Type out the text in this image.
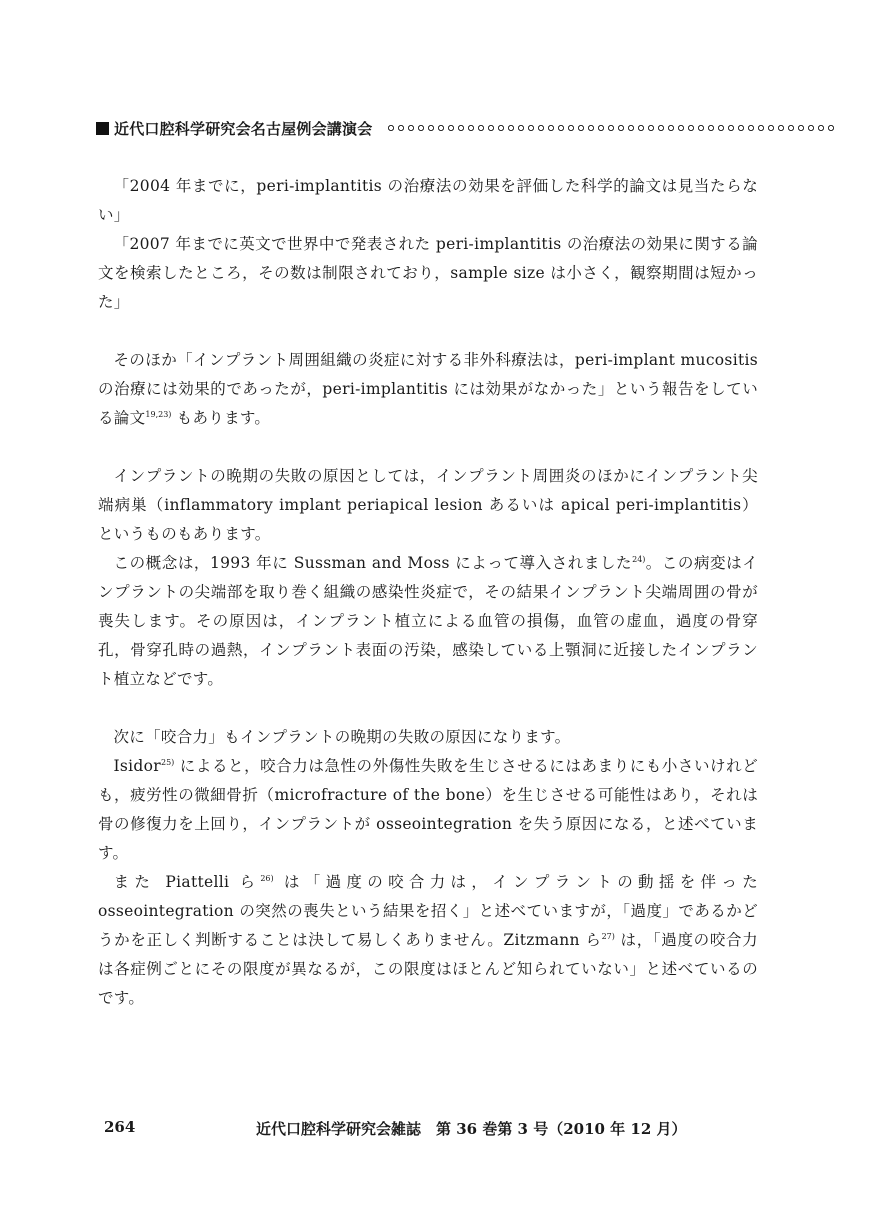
近代口腔科学研究会名古屋例会講演会

「2004 年までに，peri-implantitis の治療法の効果を評価した科学的論文は見当たらない」

「2007 年までに英文で世界中で発表された peri-implantitis の治療法の効果に関する論文を検索したところ，その数は制限されており，sample size は小さく，観察期間は短かった」

そのほか「インプラント周囲組織の炎症に対する非外科療法は，peri-implant mucositis の治療には効果的であったが，peri-implantitis には効果がなかった」という報告をしている論文$^{19,23)}$ もあります。

インプラントの晩期の失敗の原因としては，インプラント周囲炎のほかにインプラント尖端病巣（inflammatory implant periapical lesion あるいは apical peri-implantitis）というものもあります。

この概念は，1993 年に Sussman and Moss によって導入されました$^{24)}$。この病変はインプラントの尖端部を取り巻く組織の感染性炎症で，その結果インプラント尖端周囲の骨が喪失します。その原因は，インプラント植立による血管の損傷，血管の虚血，過度の骨穿孔，骨穿孔時の過熱，インプラント表面の汚染，感染している上顎洞に近接したインプラント植立などです。

次に「咬合力」もインプラントの晩期の失敗の原因になります。

Isidor$^{25)}$ によると，咬合力は急性の外傷性失敗を生じさせるにはあまりにも小さいけれども，疲労性の微細骨折（microfracture of the bone）を生じさせる可能性はあり，それは骨の修復力を上回り，インプラントが osseointegration を失う原因になる，と述べています。

また Piattelli ら$^{26)}$ は「過度の咬合力は，インプラントの動揺を伴った osseointegration の突然の喪失という結果を招く」と述べていますが，「過度」であるかどうかを正しく判断することは決して易しくありません。Zitzmann ら$^{27)}$ は，「過度の咬合力は各症例ごとにその限度が異なるが，この限度はほとんど知られていない」と述べているのです。

264	近代口腔科学研究会雑誌　第 36 巻第 3 号（2010 年 12 月）
